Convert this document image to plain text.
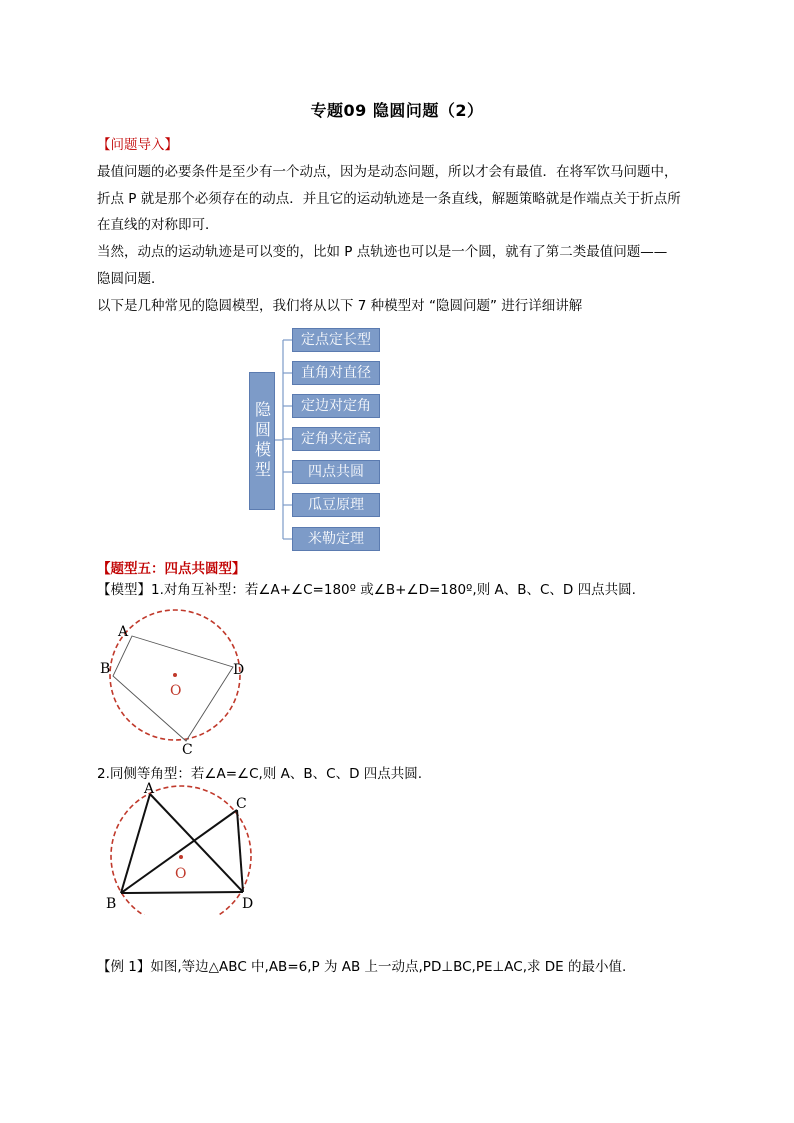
专题09 隐圆问题（2）
【问题导入】
最值问题的必要条件是至少有一个动点，因为是动态问题，所以才会有最值．在将军饮马问题中，
折点 P 就是那个必须存在的动点．并且它的运动轨迹是一条直线，解题策略就是作端点关于折点所
在直线的对称即可．
当然，动点的运动轨迹是可以变的，比如 P 点轨迹也可以是一个圆，就有了第二类最值问题——
隐圆问题．
以下是几种常见的隐圆模型，我们将从以下 7 种模型对 “隐圆问题” 进行详细讲解
隐圆模型
定点定长型
直角对直径
定边对定角
定角夹定高
四点共圆
瓜豆原理
米勒定理
【题型五：四点共圆型】
【模型】1.对角互补型：若∠A+∠C=180º 或∠B+∠D=180º,则 A、B、C、D 四点共圆.
A
B
C
D
O
2.同侧等角型：若∠A=∠C,则 A、B、C、D 四点共圆.
A
B
C
D
O
【例 1】如图,等边△ABC 中,AB=6,P 为 AB 上一动点,PD⊥BC,PE⊥AC,求 DE 的最小值.
